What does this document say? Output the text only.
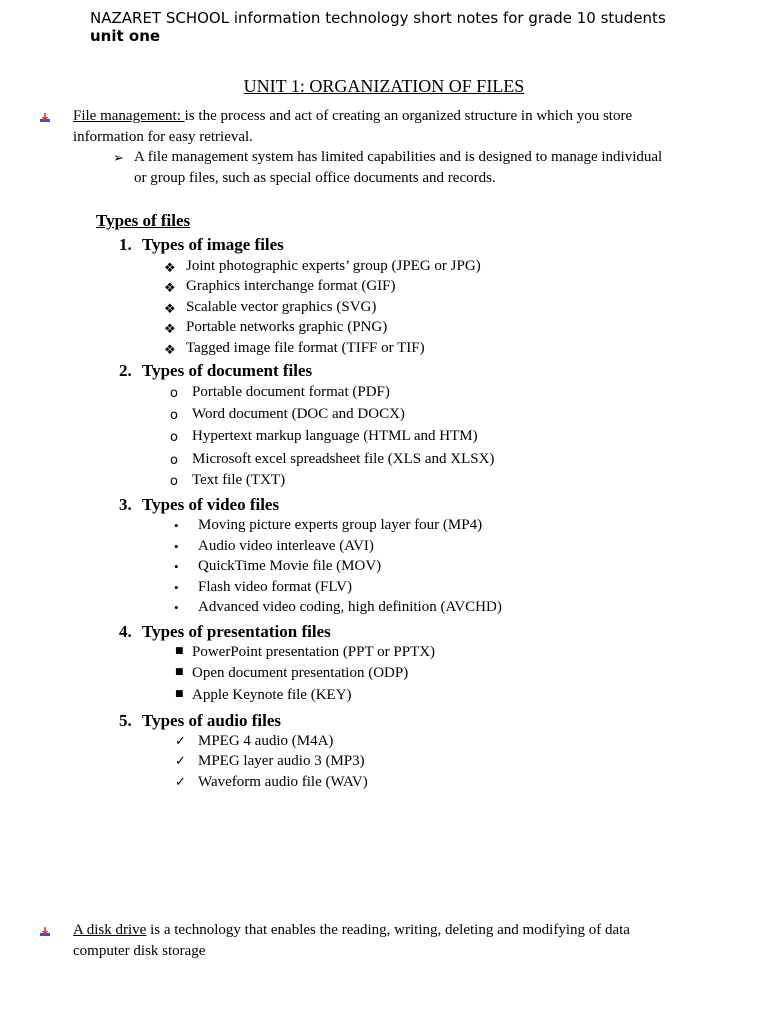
NAZARET SCHOOL information technology short notes for grade 10 students
unit one
UNIT 1: ORGANIZATION OF FILES
File management: is the process and act of creating an organized structure in which you store
information for easy retrieval.
➢ A file management system has limited capabilities and is designed to manage individual
or group files, such as special office documents and records.
Types of files
1. Types of image files
❖ Joint photographic experts’ group (JPEG or JPG)
❖ Graphics interchange format (GIF)
❖ Scalable vector graphics (SVG)
❖ Portable networks graphic (PNG)
❖ Tagged image file format (TIFF or TIF)
2. Types of document files
o Portable document format (PDF)
o Word document (DOC and DOCX)
o Hypertext markup language (HTML and HTM)
o Microsoft excel spreadsheet file (XLS and XLSX)
o Text file (TXT)
3. Types of video files
• Moving picture experts group layer four (MP4)
• Audio video interleave (AVI)
• QuickTime Movie file (MOV)
• Flash video format (FLV)
• Advanced video coding, high definition (AVCHD)
4. Types of presentation files
■ PowerPoint presentation (PPT or PPTX)
■ Open document presentation (ODP)
■ Apple Keynote file (KEY)
5. Types of audio files
✓ MPEG 4 audio (M4A)
✓ MPEG layer audio 3 (MP3)
✓ Waveform audio file (WAV)
A disk drive is a technology that enables the reading, writing, deleting and modifying of data
computer disk storage
